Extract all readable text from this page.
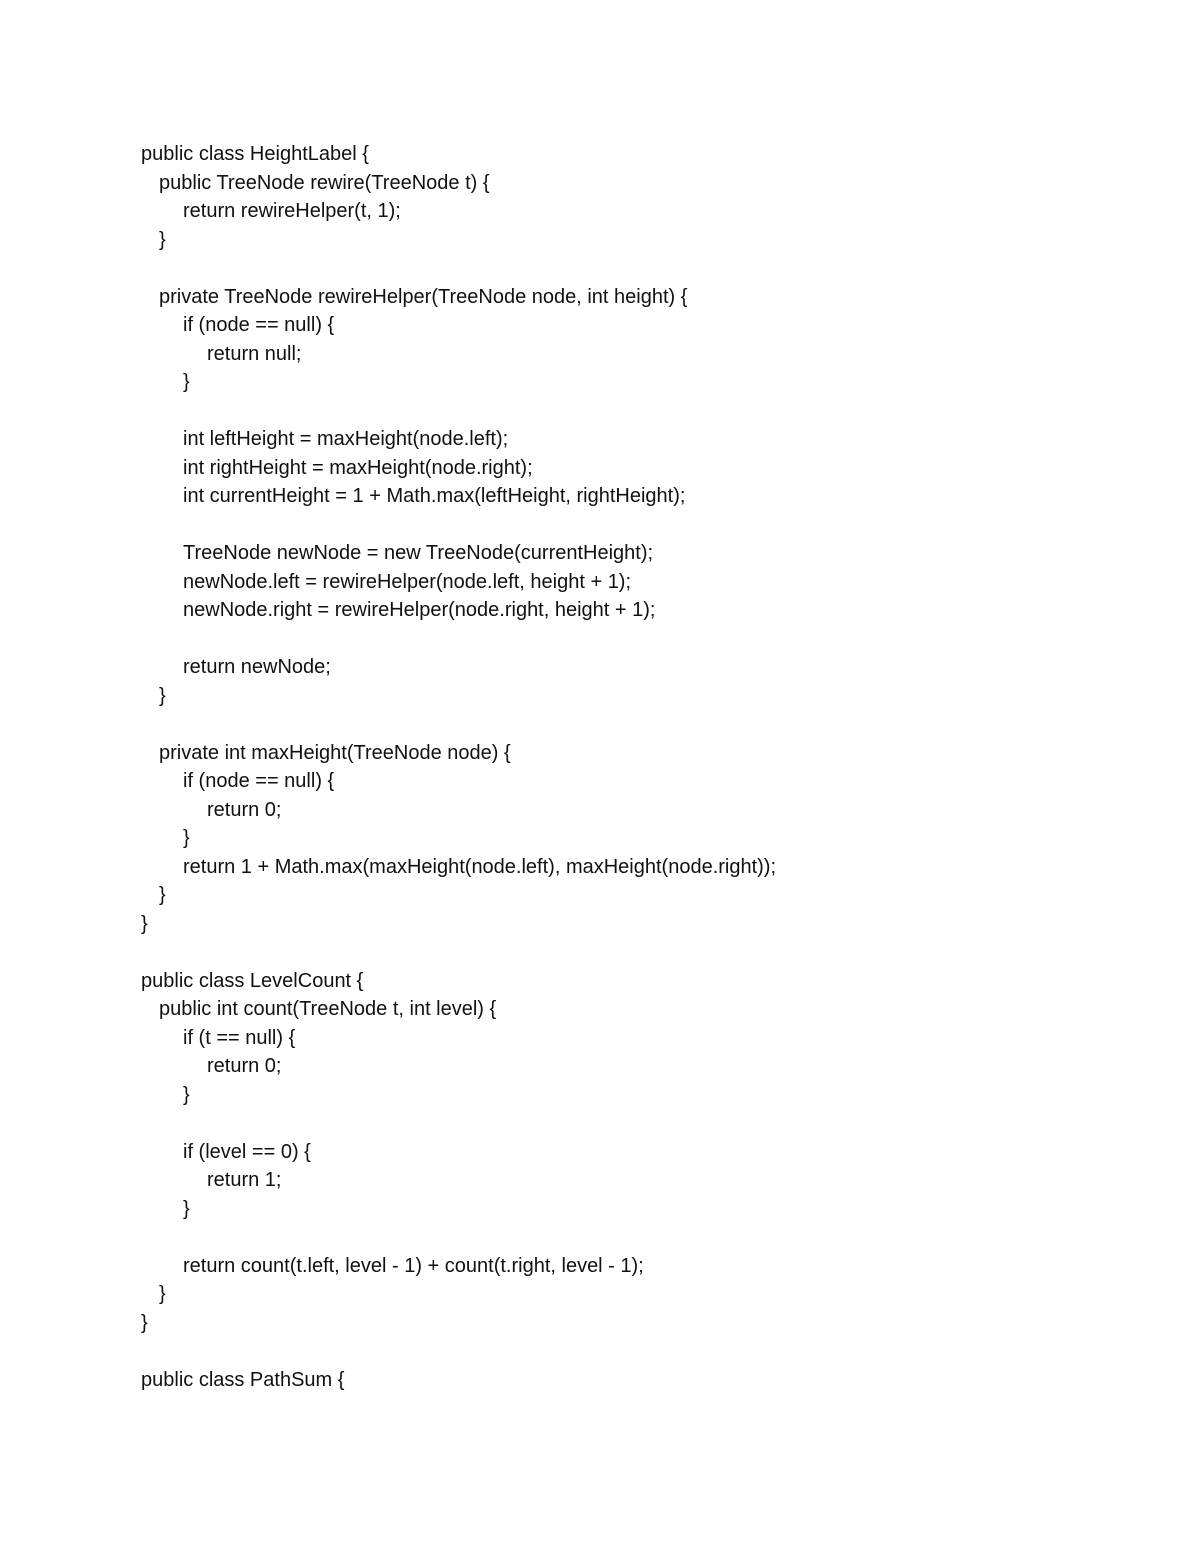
public class HeightLabel {
public TreeNode rewire(TreeNode t) {
return rewireHelper(t, 1);
}
private TreeNode rewireHelper(TreeNode node, int height) {
if (node == null) {
return null;
}
int leftHeight = maxHeight(node.left);
int rightHeight = maxHeight(node.right);
int currentHeight = 1 + Math.max(leftHeight, rightHeight);
TreeNode newNode = new TreeNode(currentHeight);
newNode.left = rewireHelper(node.left, height + 1);
newNode.right = rewireHelper(node.right, height + 1);
return newNode;
}
private int maxHeight(TreeNode node) {
if (node == null) {
return 0;
}
return 1 + Math.max(maxHeight(node.left), maxHeight(node.right));
}
}
public class LevelCount {
public int count(TreeNode t, int level) {
if (t == null) {
return 0;
}
if (level == 0) {
return 1;
}
return count(t.left, level - 1) + count(t.right, level - 1);
}
}
public class PathSum {
